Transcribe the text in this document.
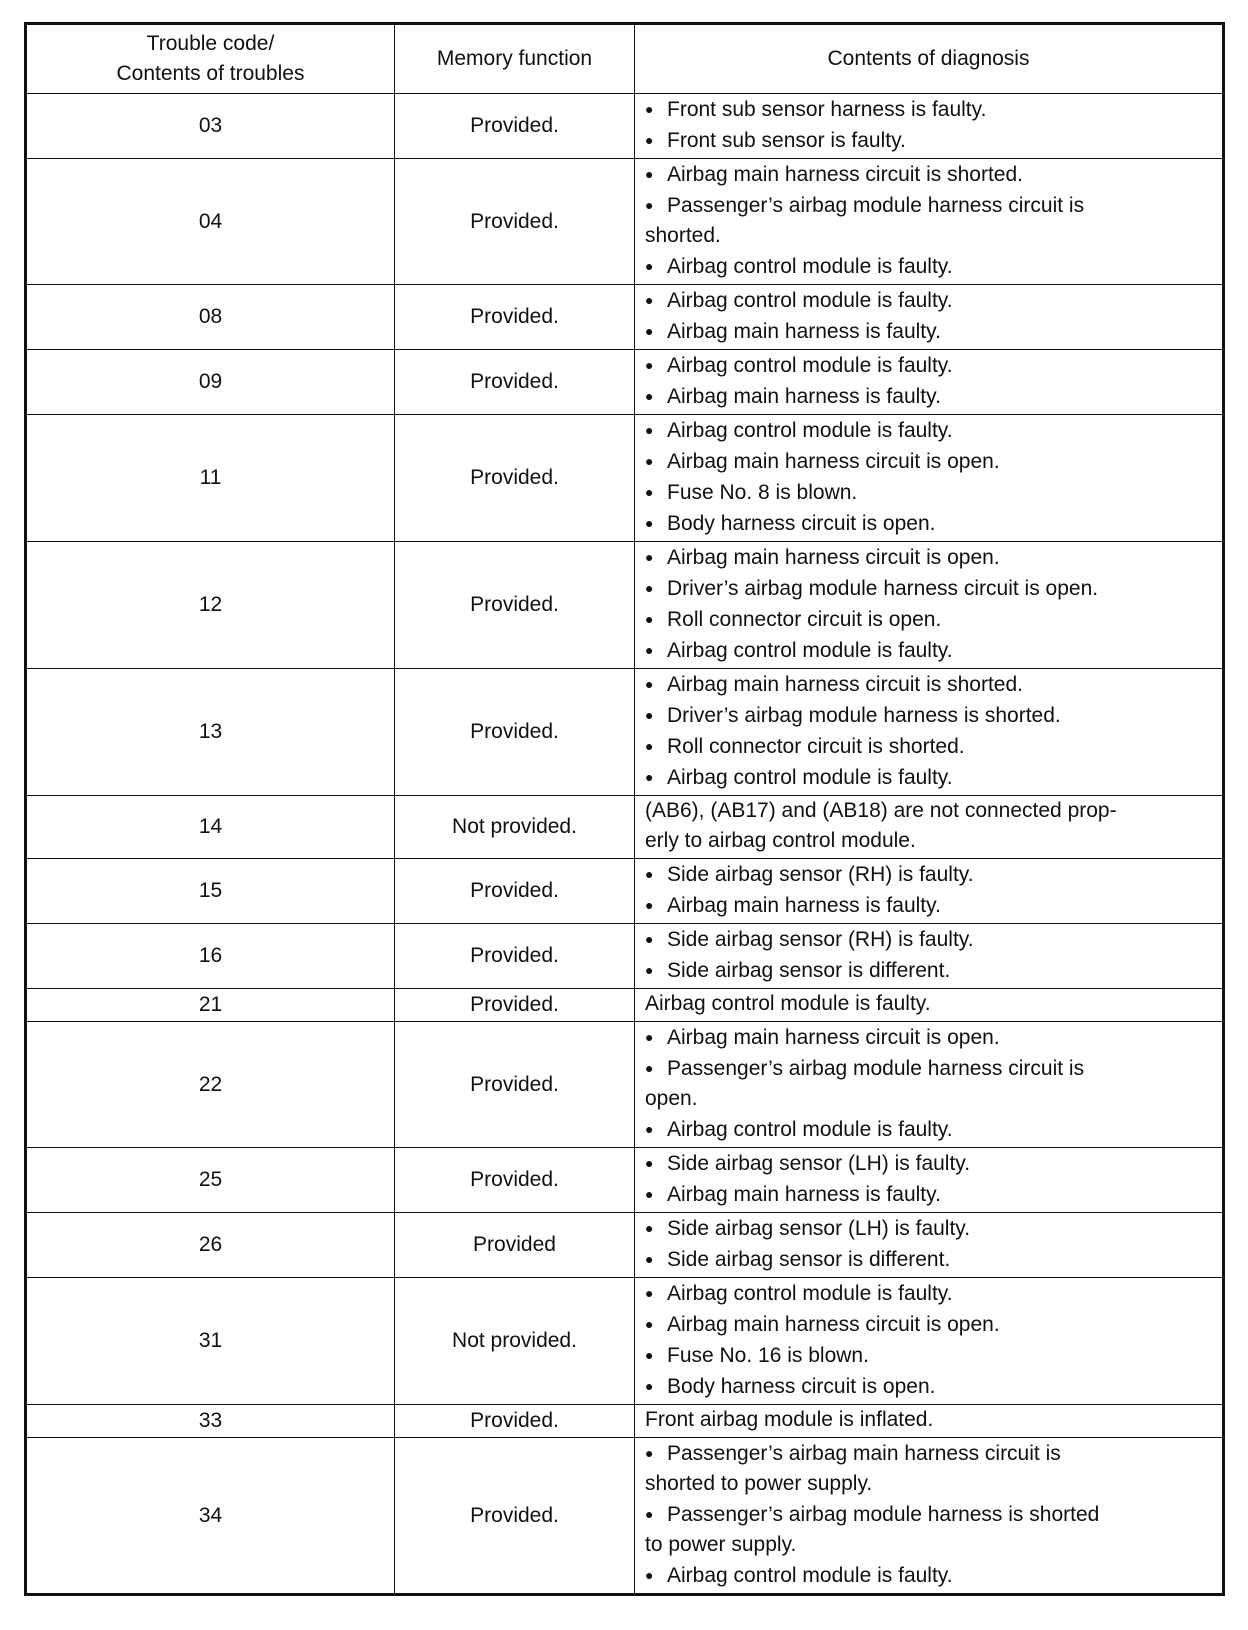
Trouble code/
Contents of troubles	Memory function	Contents of diagnosis
03	Provided.	● Front sub sensor harness is faulty.
● Front sub sensor is faulty.

04	Provided.	● Airbag main harness circuit is shorted.
● Passenger’s airbag module harness circuit is
shorted.
● Airbag control module is faulty.

08	Provided.	● Airbag control module is faulty.
● Airbag main harness is faulty.

09	Provided.	● Airbag control module is faulty.
● Airbag main harness is faulty.

11	Provided.	● Airbag control module is faulty.
● Airbag main harness circuit is open.
● Fuse No. 8 is blown.
● Body harness circuit is open.

12	Provided.	● Airbag main harness circuit is open.
● Driver’s airbag module harness circuit is open.
● Roll connector circuit is open.
● Airbag control module is faulty.

13	Provided.	● Airbag main harness circuit is shorted.
● Driver’s airbag module harness is shorted.
● Roll connector circuit is shorted.
● Airbag control module is faulty.

14	Not provided.	(AB6), (AB17) and (AB18) are not connected prop-
erly to airbag control module.

15	Provided.	● Side airbag sensor (RH) is faulty.
● Airbag main harness is faulty.

16	Provided.	● Side airbag sensor (RH) is faulty.
● Side airbag sensor is different.

21	Provided.	Airbag control module is faulty.

22	Provided.	● Airbag main harness circuit is open.
● Passenger’s airbag module harness circuit is
open.
● Airbag control module is faulty.

25	Provided.	● Side airbag sensor (LH) is faulty.
● Airbag main harness is faulty.

26	Provided	● Side airbag sensor (LH) is faulty.
● Side airbag sensor is different.

31	Not provided.	● Airbag control module is faulty.
● Airbag main harness circuit is open.
● Fuse No. 16 is blown.
● Body harness circuit is open.

33	Provided.	Front airbag module is inflated.

34	Provided.	● Passenger’s airbag main harness circuit is
shorted to power supply.
● Passenger’s airbag module harness is shorted
to power supply.
● Airbag control module is faulty.
